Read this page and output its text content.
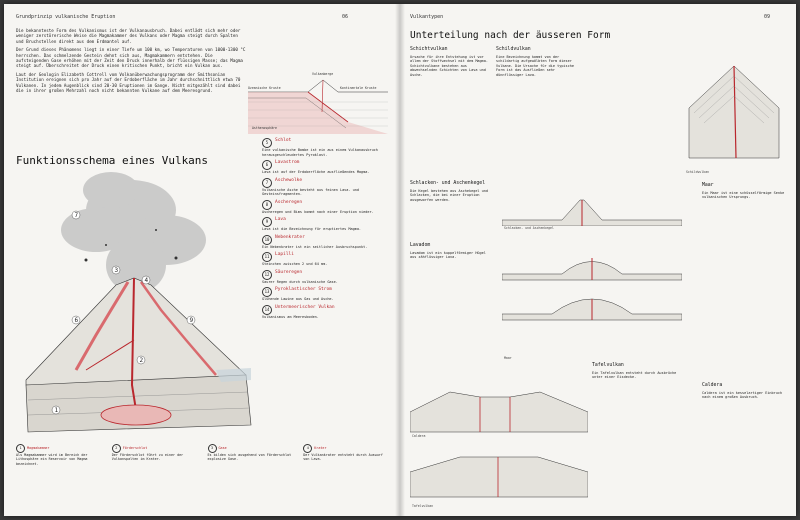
Grundprinzip vulkanische Eruption	06

Die bekannteste Form des Vulkanismus ist der Vulkanausbruch. Dabei entlädt sich mehr oder weniger zerstörerische Weise die Magmakammer des Vulkans oder Magma steigt durch Spalten und Bruchstellen direkt aus dem Erdmantel auf.

Der Grund dieses Phänomens liegt in einer Tiefe um 100 km, wo Temperaturen von 1000-1300 °C herrschen. Das schmelzende Gestein dehnt sich aus, Magmakammern entstehen. Die aufsteigenden Gase erhöhen mit der Zeit den Druck innerhalb der flüssigen Masse; das Magma steigt auf. Überschreitet der Druck einen kritischen Punkt, bricht ein Vulkan aus.

Laut der Geologin Elizabeth Cottrell vom Volkanüberwachungsprogramm der Smithsonian Institution ereignen sich pro Jahr auf der Erdoberfläche im Jahr durchschnittlich etwa 70 Vulkanen. In jedem Augenblick sind 20-30 Eruptionen im Gange. Nicht mitgezählt sind dabei die in ihrer großen Mehrzahl noch nicht bekannten Vulkane auf dem Meeresgrund.

Ozeanische Kruste	Kontinentale Kruste
Vulkanberge
Asthenosphäre
Funktionsschema eines Vulkans
1
2
3
4
6
7
9
5 Schlot
Eine vulkanische Bombe ist ein aus einem Vulkanausbruch herausgeschleudertes Pyroklast.
6 Lavastrom
Lava ist auf der Erdoberfläche ausfließendes Magma.
7 Aschewolke
Vulkanische Asche besteht aus feinen Lava- und Gesteinsfragmenten.
8 Ascheregen
Ascheregen und Bims kommt nach einer Eruption nieder.
9 Lava
Lava ist die Bezeichnung für eruptiertes Magma.
10 Nebenkrater
Ein Nebenkrater ist ein seitlicher Ausbruchspunkt.
11 Lapilli
Steinchen zwischen 2 und 64 mm.
12 Säureregen
Saurer Regen durch vulkanische Gase.
13 Pyroklastischer Strom
Glühende Lawine aus Gas und Asche.
14 Untermeerischer Vulkan
Vulkanismus am Meeresboden.
1 Magmakammer
Als Magmakammer wird im Bereich der Lithosphäre ein Reservoir von Magma bezeichnet.
2 Förderschlot
Der Förderschlot führt zu einer der Vulkanspalten im Krater.
3 Gase
Es bilden sich ausgehend von Förderschlot explosive Gase.
4 Krater
Der Vulkankrater entsteht durch Auswurf von Lava.
Vulkantypen	09
Unterteilung nach der äusseren Form
Schichtvulkan
Ursache für ihre Entstehung ist vor allem der Stoffwechsel mit dem Magma. Schichtvulkane bestehen aus abwechselnden Schichten von Lava und Asche.
Schildvulkan
Eine Bezeichnung kommt von der schildartig aufgewölbten Form dieser Vulkane. Die Ursache für die typische Form ist das Ausfließen sehr dünnflüssiger Lava.
Schildvulkan
Schlacken- und Aschenkegel
Schlacken- und Aschenkegel
Die Kegel bestehen aus Aschekegel und Schlacken, die bei einer Eruption ausgeworfen werden.
Lavadom
Lavadom ist ein kuppelförmiger Hügel aus zähflüssiger Lava.
Maar
Ein Maar ist eine schüsselförmige Senke vulkanischen Ursprungs.
Maar
Tafelvulkan
Ein Tafelvulkan entsteht durch Ausbrüche unter einer Eisdecke.
Caldera
Tafelvulkan
Caldera
Caldera ist ein kesselartiger Einbruch nach einem großen Ausbruch.
